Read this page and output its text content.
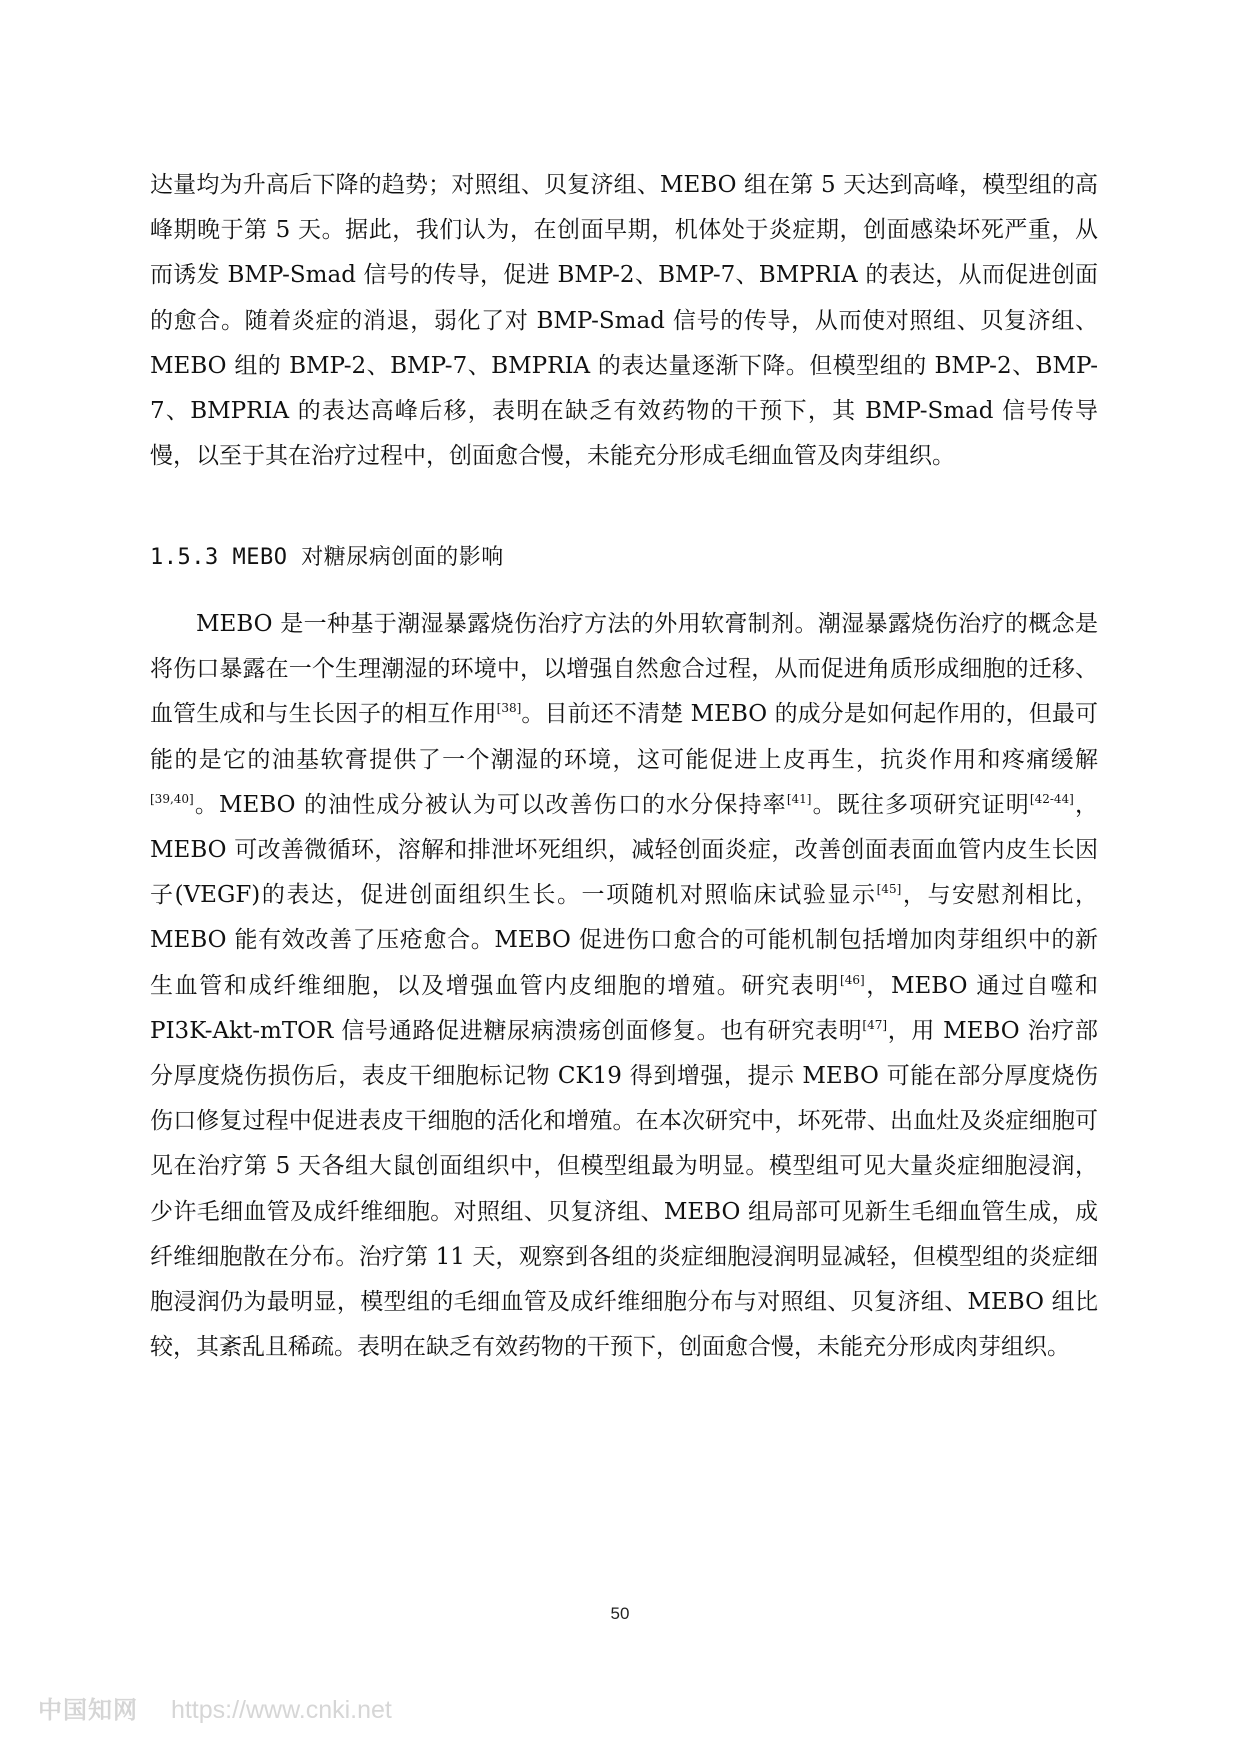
达量均为升高后下降的趋势；对照组、贝复济组、MEBO 组在第 5 天达到高峰，模型组的高峰期晚于第 5 天。据此，我们认为，在创面早期，机体处于炎症期，创面感染坏死严重，从而诱发 BMP-Smad 信号的传导，促进 BMP-2、BMP-7、BMPRIA 的表达，从而促进创面的愈合。随着炎症的消退，弱化了对 BMP-Smad 信号的传导，从而使对照组、贝复济组、MEBO 组的 BMP-2、BMP-7、BMPRIA 的表达量逐渐下降。但模型组的 BMP-2、BMP-7、BMPRIA 的表达高峰后移，表明在缺乏有效药物的干预下，其 BMP-Smad 信号传导慢，以至于其在治疗过程中，创面愈合慢，未能充分形成毛细血管及肉芽组织。

1.5.3 MEBO 对糖尿病创面的影响

MEBO 是一种基于潮湿暴露烧伤治疗方法的外用软膏制剂。潮湿暴露烧伤治疗的概念是将伤口暴露在一个生理潮湿的环境中，以增强自然愈合过程，从而促进角质形成细胞的迁移、血管生成和与生长因子的相互作用[38]。目前还不清楚 MEBO 的成分是如何起作用的，但最可能的是它的油基软膏提供了一个潮湿的环境，这可能促进上皮再生，抗炎作用和疼痛缓解[39,40]。MEBO 的油性成分被认为可以改善伤口的水分保持率[41]。既往多项研究证明[42-44]，MEBO 可改善微循环，溶解和排泄坏死组织，减轻创面炎症，改善创面表面血管内皮生长因子(VEGF)的表达，促进创面组织生长。一项随机对照临床试验显示[45]，与安慰剂相比，MEBO 能有效改善了压疮愈合。MEBO 促进伤口愈合的可能机制包括增加肉芽组织中的新生血管和成纤维细胞，以及增强血管内皮细胞的增殖。研究表明[46]，MEBO 通过自噬和 PI3K-Akt-mTOR 信号通路促进糖尿病溃疡创面修复。也有研究表明[47]，用 MEBO 治疗部分厚度烧伤损伤后，表皮干细胞标记物 CK19 得到增强，提示 MEBO 可能在部分厚度烧伤伤口修复过程中促进表皮干细胞的活化和增殖。在本次研究中，坏死带、出血灶及炎症细胞可见在治疗第 5 天各组大鼠创面组织中，但模型组最为明显。模型组可见大量炎症细胞浸润，少许毛细血管及成纤维细胞。对照组、贝复济组、MEBO 组局部可见新生毛细血管生成，成纤维细胞散在分布。治疗第 11 天，观察到各组的炎症细胞浸润明显减轻，但模型组的炎症细胞浸润仍为最明显，模型组的毛细血管及成纤维细胞分布与对照组、贝复济组、MEBO 组比较，其紊乱且稀疏。表明在缺乏有效药物的干预下，创面愈合慢，未能充分形成肉芽组织。

50
中国知网 https://www.cnki.net
